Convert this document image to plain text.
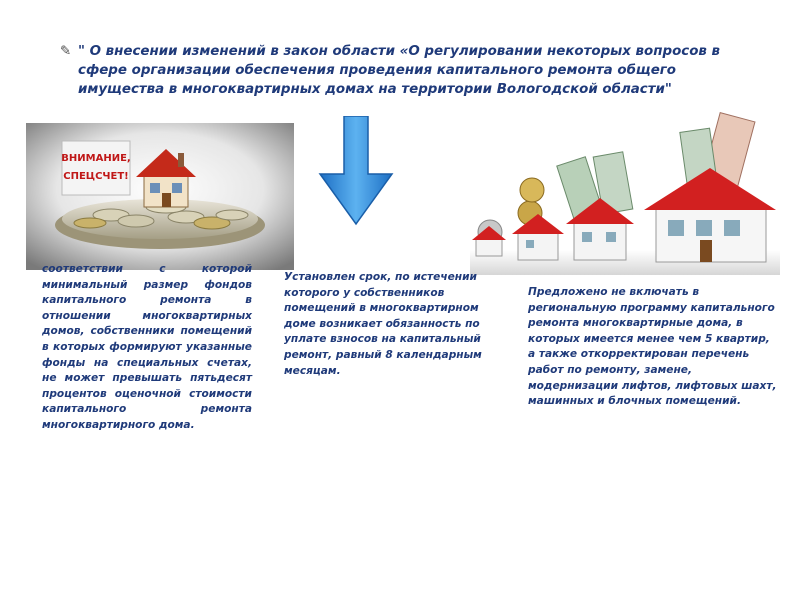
✎ " О внесении изменений в закон области «О регулировании некоторых вопросов в
сфере организации обеспечения проведения капитального ремонта общего
имущества в многоквартирных домах на территории Вологодской области"
ВНИМАНИЕ,
СПЕЦСЧЕТ!
соответствии с которой минимальный размер фондов капитального ремонта в отношении многоквартирных домов, собственники помещений в которых формируют указанные фонды на специальных счетах, не может превышать пятьдесят процентов оценочной стоимости капитального ремонта многоквартирного дома.
Установлен срок, по истечении которого у собственников помещений в многоквартирном доме возникает обязанность по уплате взносов на капитальный ремонт, равный 8 календарным месяцам.
Предложено не включать в региональную программу капитального ремонта многоквартирные дома, в которых имеется менее чем 5 квартир, а также откорректирован перечень работ по ремонту, замене, модернизации лифтов, лифтовых шахт, машинных и блочных помещений.
